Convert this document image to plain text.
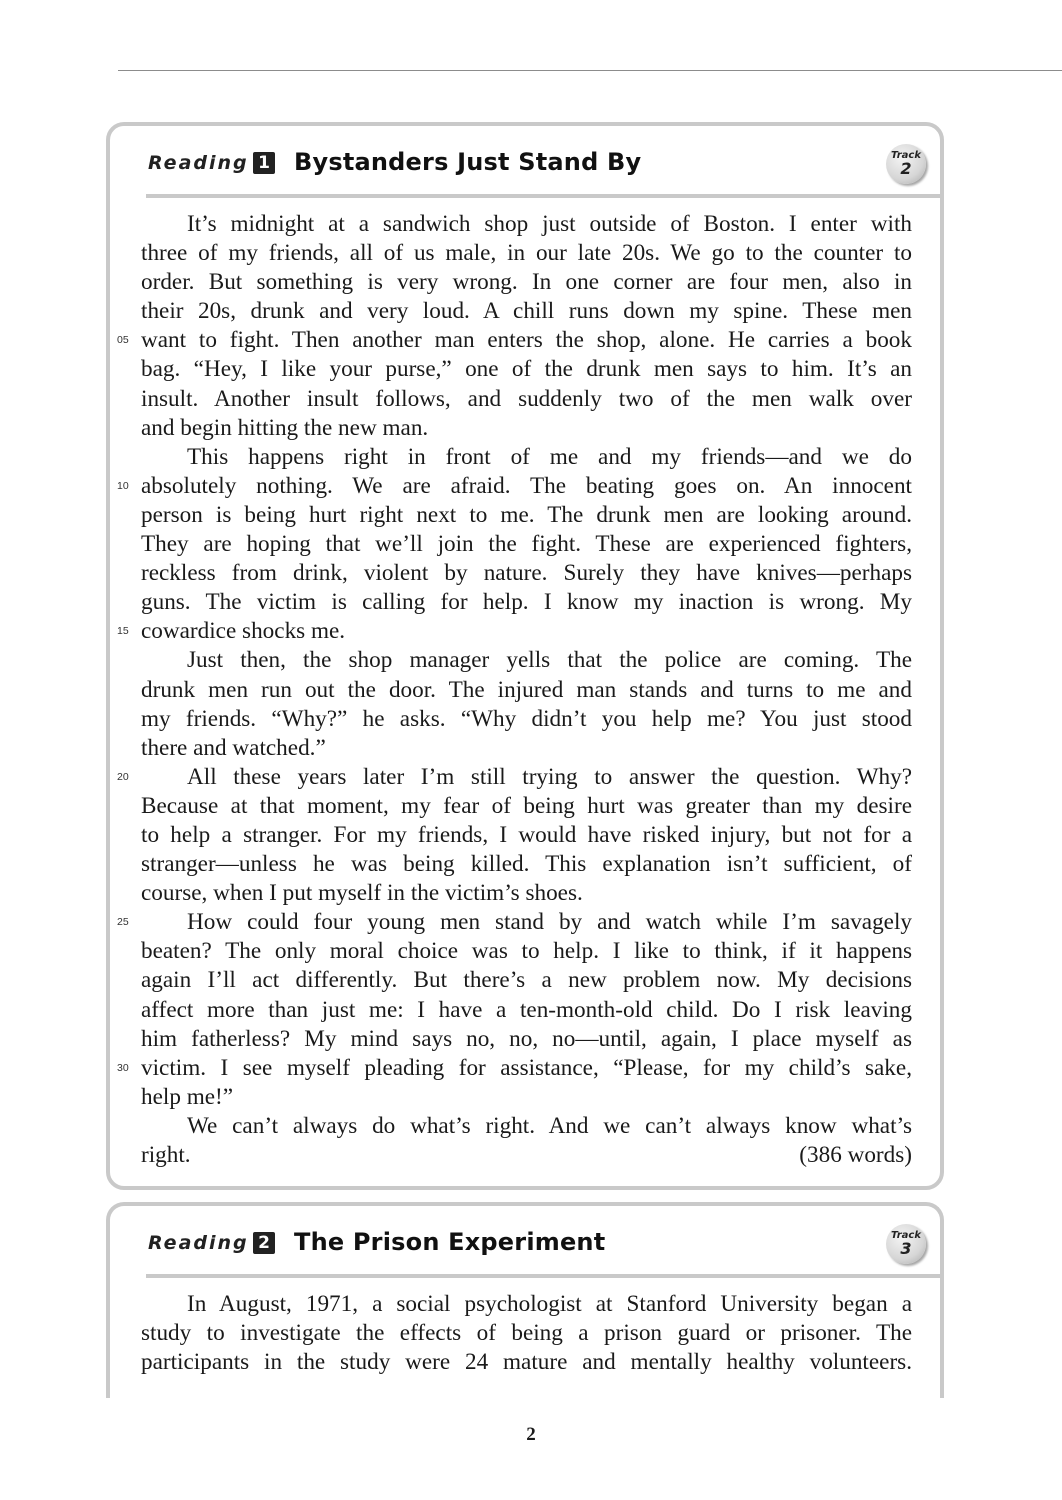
Reading 1 Bystanders Just Stand By	Track
2
It’s midnight at a sandwich shop just outside of Boston. I enter with
three of my friends, all of us male, in our late 20s. We go to the counter to
order. But something is very wrong. In one corner are four men, also in
their 20s, drunk and very loud. A chill runs down my spine. These men
want to fight. Then another man enters the shop, alone. He carries a book
bag. “Hey, I like your purse,” one of the drunk men says to him. It’s an
insult. Another insult follows, and suddenly two of the men walk over
and begin hitting the new man.
This happens right in front of me and my friends—and we do
absolutely nothing. We are afraid. The beating goes on. An innocent
person is being hurt right next to me. The drunk men are looking around.
They are hoping that we’ll join the fight. These are experienced fighters,
reckless from drink, violent by nature. Surely they have knives—perhaps
guns. The victim is calling for help. I know my inaction is wrong. My
cowardice shocks me.
Just then, the shop manager yells that the police are coming. The
drunk men run out the door. The injured man stands and turns to me and
my friends. “Why?” he asks. “Why didn’t you help me? You just stood
there and watched.”
All these years later I’m still trying to answer the question. Why?
Because at that moment, my fear of being hurt was greater than my desire
to help a stranger. For my friends, I would have risked injury, but not for a
stranger—unless he was being killed. This explanation isn’t sufficient, of
course, when I put myself in the victim’s shoes.
How could four young men stand by and watch while I’m savagely
beaten? The only moral choice was to help. I like to think, if it happens
again I’ll act differently. But there’s a new problem now. My decisions
affect more than just me: I have a ten-month-old child. Do I risk leaving
him fatherless? My mind says no, no, no—until, again, I place myself as
victim. I see myself pleading for assistance, “Please, for my child’s sake,
help me!”
We can’t always do what’s right. And we can’t always know what’s
right.	(386 words)
05
10
15
20
25
30
Reading 2 The Prison Experiment	Track
3
In August, 1971, a social psychologist at Stanford University began a
study to investigate the effects of being a prison guard or prisoner. The
participants in the study were 24 mature and mentally healthy volunteers.
2
